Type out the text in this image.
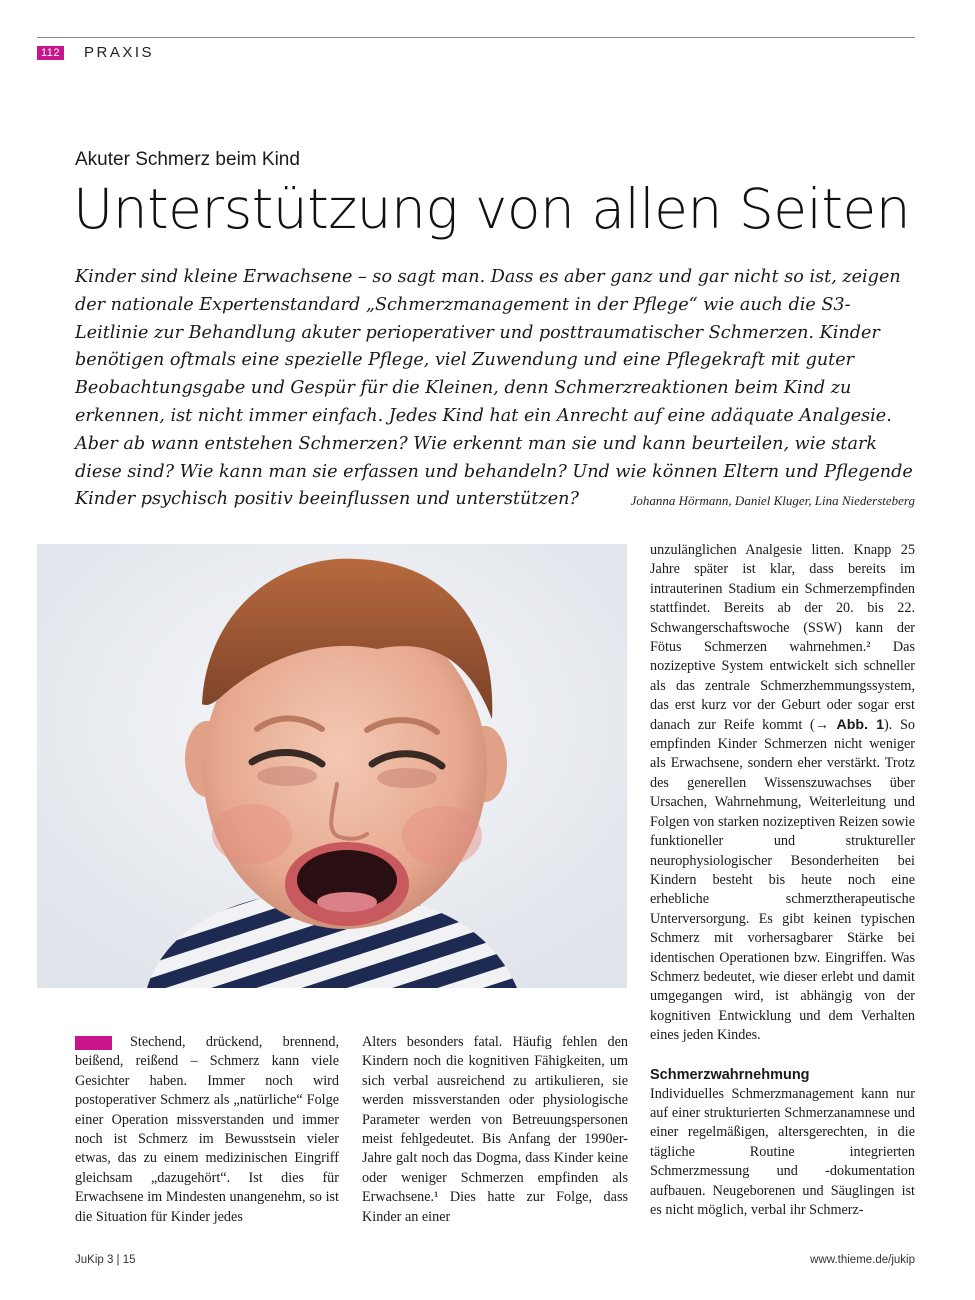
112 PRAXIS
Akuter Schmerz beim Kind
Unterstützung von allen Seiten

Kinder sind kleine Erwachsene – so sagt man. Dass es aber ganz und gar nicht so ist, zeigen der nationale Expertenstandard „Schmerzmanagement in der Pflege“ wie auch die S3-Leitlinie zur Behandlung akuter perioperativer und posttraumatischer Schmerzen. Kinder benötigen oftmals eine spezielle Pflege, viel Zuwendung und eine Pflegekraft mit guter Beobachtungsgabe und Gespür für die Kleinen, denn Schmerzreaktionen beim Kind zu erkennen, ist nicht immer einfach. Jedes Kind hat ein Anrecht auf eine adäquate Analgesie. Aber ab wann entstehen Schmerzen? Wie erkennt man sie und kann beurteilen, wie stark diese sind? Wie kann man sie erfassen und behandeln? Und wie können Eltern und Pflegende Kinder psychisch positiv beeinflussen und unterstützen?	Johanna Hörmann, Daniel Kluger, Lina Niedersteberg

Stechend, drückend, brennend, beißend, reißend – Schmerz kann viele Gesichter haben. Immer noch wird postoperativer Schmerz als „natürliche“ Folge einer Operation missverstanden und immer noch ist Schmerz im Bewusstsein vieler etwas, das zu einem medizinischen Eingriff gleichsam „dazugehört“. Ist dies für Erwachsene im Mindesten unangenehm, so ist die Situation für Kinder jedes

Alters besonders fatal. Häufig fehlen den Kindern noch die kognitiven Fähigkeiten, um sich verbal ausreichend zu artikulieren, sie werden missverstanden oder physiologische Parameter werden von Betreuungspersonen meist fehlgedeutet. Bis Anfang der 1990er-Jahre galt noch das Dogma, dass Kinder keine oder weniger Schmerzen empfinden als Erwachsene.¹ Dies hatte zur Folge, dass Kinder an einer

unzulänglichen Analgesie litten. Knapp 25 Jahre später ist klar, dass bereits im intrauterinen Stadium ein Schmerzempfinden stattfindet. Bereits ab der 20. bis 22. Schwangerschaftswoche (SSW) kann der Fötus Schmerzen wahrnehmen.² Das nozizeptive System entwickelt sich schneller als das zentrale Schmerzhemmungssystem, das erst kurz vor der Geburt oder sogar erst danach zur Reife kommt (→ Abb. 1). So empfinden Kinder Schmerzen nicht weniger als Erwachsene, sondern eher verstärkt. Trotz des generellen Wissenszuwachses über Ursachen, Wahrnehmung, Weiterleitung und Folgen von starken nozizeptiven Reizen sowie funktioneller und struktureller neurophysiologischer Besonderheiten bei Kindern besteht bis heute noch eine erhebliche schmerztherapeutische Unterversorgung. Es gibt keinen typischen Schmerz mit vorhersagbarer Stärke bei identischen Operationen bzw. Eingriffen. Was Schmerz bedeutet, wie dieser erlebt und damit umgegangen wird, ist abhängig von der kognitiven Entwicklung und dem Verhalten eines jeden Kindes.

Schmerzwahrnehmung

Individuelles Schmerzmanagement kann nur auf einer strukturierten Schmerzanamnese und einer regelmäßigen, altersgerechten, in die tägliche Routine integrierten Schmerzmessung und -dokumentation aufbauen. Neugeborenen und Säuglingen ist es nicht möglich, verbal ihr Schmerz-

JuKip 3 | 15	www.thieme.de/jukip
